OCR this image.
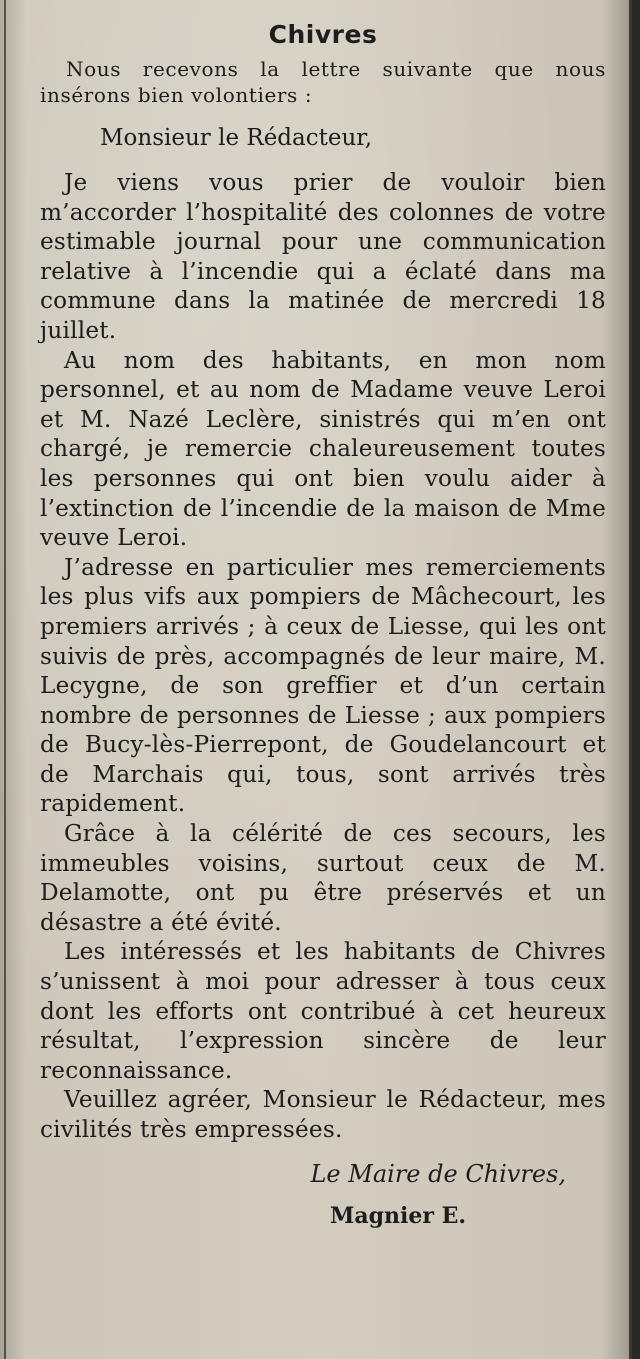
Chivres

Nous recevons la lettre suivante que nous
insérons bien volontiers :

Monsieur le Rédacteur,

Je viens vous prier de vouloir bien m’accorder l’hospitalité des colonnes de votre estimable journal pour une communication relative à l’incendie qui a éclaté dans ma commune dans la matinée de mercredi 18 juillet.

Au nom des habitants, en mon nom personnel, et au nom de Madame veuve Leroi et M. Nazé Leclère, sinistrés qui m’en ont chargé, je remercie chaleureusement toutes les personnes qui ont bien voulu aider à l’extinction de l’incendie de la maison de Mme veuve Leroi.

J’adresse en particulier mes remerciements les plus vifs aux pompiers de Mâchecourt, les premiers arrivés ; à ceux de Liesse, qui les ont suivis de près, accompagnés de leur maire, M. Lecygne, de son greffier et d’un certain nombre de personnes de Liesse ; aux pompiers de Bucy-lès-Pierrepont, de Goudelancourt et de Marchais qui, tous, sont arrivés très rapidement.

Grâce à la célérité de ces secours, les immeubles voisins, surtout ceux de M. Delamotte, ont pu être préservés et un désastre a été évité.

Les intéressés et les habitants de Chivres s’unissent à moi pour adresser à tous ceux dont les efforts ont contribué à cet heureux résultat, l’expression sincère de leur reconnaissance.

Veuillez agréer, Monsieur le Rédacteur, mes civilités très empressées.

Le Maire de Chivres,

Magnier E.
